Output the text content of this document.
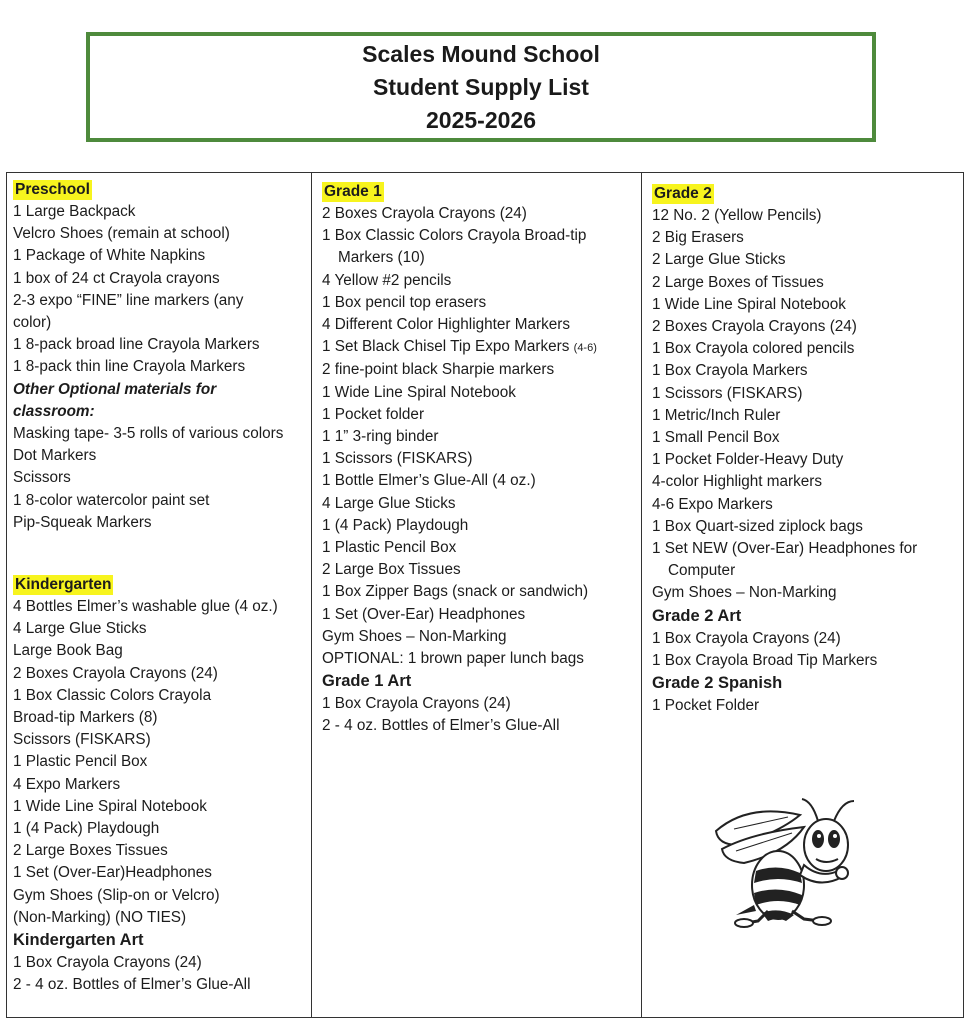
Scales Mound School
Student Supply List
2025-2026
Preschool
1 Large Backpack
Velcro Shoes (remain at school)
1 Package of White Napkins
1 box of 24 ct Crayola crayons
2-3 expo “FINE” line markers (any
color)
1 8-pack broad line Crayola Markers
1 8-pack thin line Crayola Markers
Other Optional materials for
classroom:
Masking tape- 3-5 rolls of various colors
Dot Markers
Scissors
1 8-color watercolor paint set
Pip-Squeak Markers
Kindergarten
4 Bottles Elmer’s washable glue (4 oz.)
4 Large Glue Sticks
Large Book Bag
2 Boxes Crayola Crayons (24)
1 Box Classic Colors Crayola
Broad-tip Markers (8)
Scissors (FISKARS)
1 Plastic Pencil Box
4 Expo Markers
1 Wide Line Spiral Notebook
1 (4 Pack) Playdough
2 Large Boxes Tissues
1 Set (Over-Ear)Headphones
Gym Shoes (Slip-on or Velcro)
(Non-Marking) (NO TIES)
Kindergarten Art
1 Box Crayola Crayons (24)
2 - 4 oz. Bottles of Elmer’s Glue-All
Grade 1
2 Boxes Crayola Crayons (24)
1 Box Classic Colors Crayola Broad-tip
Markers (10)
4 Yellow #2 pencils
1 Box pencil top erasers
4 Different Color Highlighter Markers
1 Set Black Chisel Tip Expo Markers (4-6)
2 fine-point black Sharpie markers
1 Wide Line Spiral Notebook
1 Pocket folder
1 1” 3-ring binder
1 Scissors (FISKARS)
1 Bottle Elmer’s Glue-All (4 oz.)
4 Large Glue Sticks
1 (4 Pack) Playdough
1 Plastic Pencil Box
2 Large Box Tissues
1 Box Zipper Bags (snack or sandwich)
1 Set (Over-Ear) Headphones
Gym Shoes – Non-Marking
OPTIONAL: 1 brown paper lunch bags
Grade 1 Art
1 Box Crayola Crayons (24)
2 - 4 oz. Bottles of Elmer’s Glue-All
Grade 2
12 No. 2 (Yellow Pencils)
2 Big Erasers
2 Large Glue Sticks
2 Large Boxes of Tissues
1 Wide Line Spiral Notebook
2 Boxes Crayola Crayons (24)
1 Box Crayola colored pencils
1 Box Crayola Markers
1 Scissors (FISKARS)
1 Metric/Inch Ruler
1 Small Pencil Box
1 Pocket Folder-Heavy Duty
4-color Highlight markers
4-6 Expo Markers
1 Box Quart-sized ziplock bags
1 Set NEW (Over-Ear) Headphones for
Computer
Gym Shoes – Non-Marking
Grade 2 Art
1 Box Crayola Crayons (24)
1 Box Crayola Broad Tip Markers
Grade 2 Spanish
1 Pocket Folder
